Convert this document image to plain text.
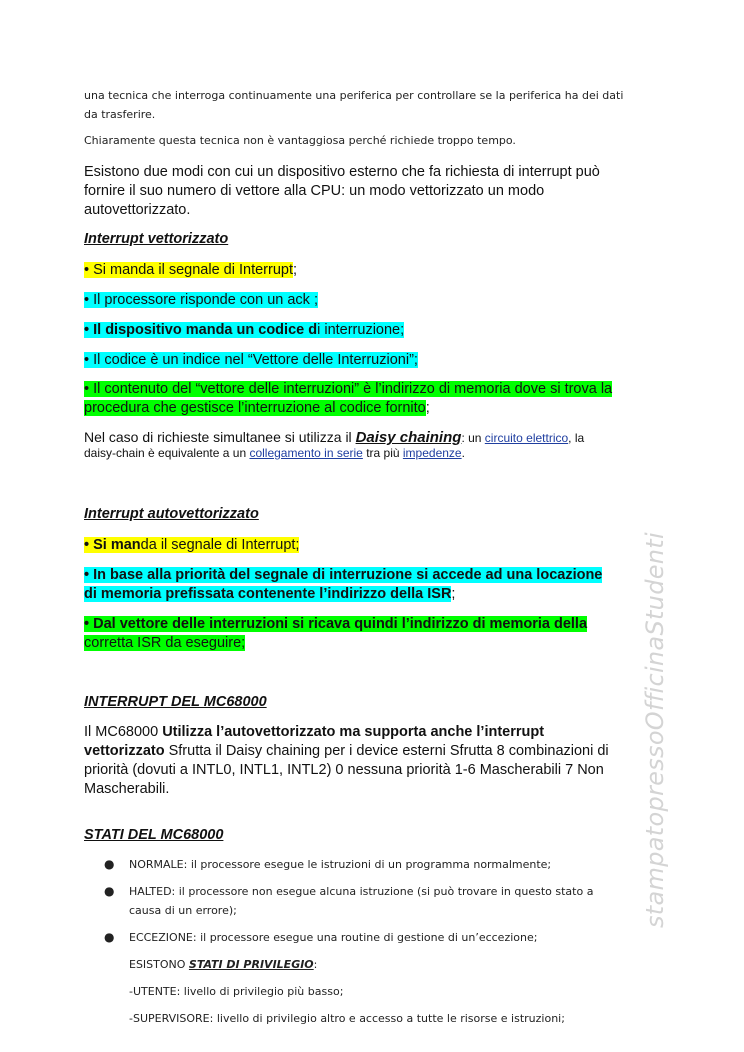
una tecnica che interroga continuamente una periferica per controllare se la periferica ha dei dati da trasferire.
Chiaramente questa tecnica non è vantaggiosa perché richiede troppo tempo.
Esistono due modi con cui un dispositivo esterno che fa richiesta di interrupt può fornire il suo numero di vettore alla CPU: un modo vettorizzato un modo autovettorizzato.
Interrupt vettorizzato
• Si manda il segnale di Interrupt;
• Il processore risponde con un ack ;
• Il dispositivo manda un codice di interruzione;
• Il codice è un indice nel “Vettore delle Interruzioni”;
• Il contenuto del “vettore delle interruzioni” è l’indirizzo di memoria dove si trova la procedura che gestisce l’interruzione al codice fornito;
Nel caso di richieste simultanee si utilizza il Daisy chaining: un circuito elettrico, la
daisy-chain è equivalente a un collegamento in serie tra più impedenze.
Interrupt autovettorizzato
• Si manda il segnale di Interrupt;
• In base alla priorità del segnale di interruzione si accede ad una locazione di memoria prefissata contenente l’indirizzo della ISR;
• Dal vettore delle interruzioni si ricava quindi l’indirizzo di memoria della
corretta ISR da eseguire;
INTERRUPT DEL MC68000
Il MC68000 Utilizza l’autovettorizzato ma supporta anche l’interrupt vettorizzato Sfrutta il Daisy chaining per i device esterni Sfrutta 8 combinazioni di priorità (dovuti a INTL0, INTL1, INTL2) 0 nessuna priorità 1-6 Mascherabili 7 Non Mascherabili.
STATI DEL MC68000
● NORMALE: il processore esegue le istruzioni di un programma normalmente;
● HALTED: il processore non esegue alcuna istruzione (si può trovare in questo stato a causa di un errore);
● ECCEZIONE: il processore esegue una routine di gestione di un’eccezione;
ESISTONO STATI DI PRIVILEGIO:
-UTENTE: livello di privilegio più basso;
-SUPERVISORE: livello di privilegio altro e accesso a tutte le risorse e istruzioni;
stampatopressoOfficinaStudenti
